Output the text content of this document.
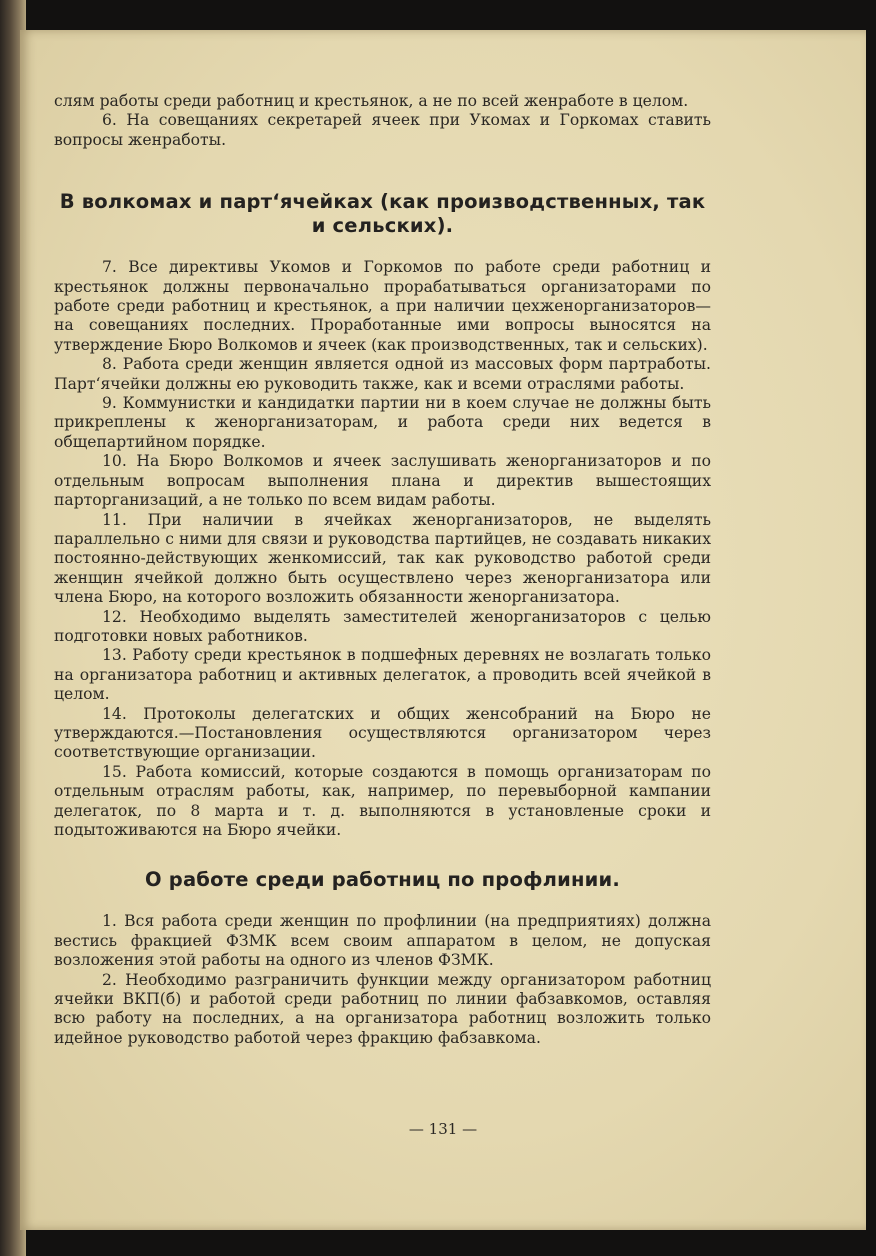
слям работы среди работниц и крестьянок, а не по всей женработе в целом.

6. На совещаниях секретарей ячеек при Укомах и Горкомах ставить вопросы женработы.

В волкомах и парт‘ячейках (как производственных, так и сельских).

7. Все директивы Укомов и Горкомов по работе среди работниц и крестьянок должны первоначально прорабатываться организаторами по работе среди работниц и крестьянок, а при наличии цехженорганизаторов—на совещаниях последних. Проработанные ими вопросы выносятся на утверждение Бюро Волкомов и ячеек (как производственных, так и сельских).

8. Работа среди женщин является одной из массовых форм партработы. Парт‘ячейки должны ею руководить также, как и всеми отраслями работы.

9. Коммунистки и кандидатки партии ни в коем случае не должны быть прикреплены к женорганизаторам, и работа среди них ведется в общепартийном порядке.

10. На Бюро Волкомов и ячеек заслушивать женорганизаторов и по отдельным вопросам выполнения плана и директив вышестоящих парторганизаций, а не только по всем видам работы.

11. При наличии в ячейках женорганизаторов, не выделять параллельно с ними для связи и руководства партийцев, не создавать никаких постоянно-действующих женкомиссий, так как руководство работой среди женщин ячейкой должно быть осуществлено через женорганизатора или члена Бюро, на которого возложить обязанности женорганизатора.

12. Необходимо выделять заместителей женорганизаторов с целью подготовки новых работников.

13. Работу среди крестьянок в подшефных деревнях не возлагать только на организатора работниц и активных делегаток, а проводить всей ячейкой в целом.

14. Протоколы делегатских и общих женсобраний на Бюро не утверждаются.—Постановления осуществляются организатором через соответствующие организации.

15. Работа комиссий, которые создаются в помощь организаторам по отдельным отраслям работы, как, например, по перевыборной кампании делегаток, по 8 марта и т. д. выполняются в установленые сроки и подытоживаются на Бюро ячейки.

О работе среди работниц по профлинии.

1. Вся работа среди женщин по профлинии (на предприятиях) должна вестись фракцией ФЗМК всем своим аппаратом в целом, не допуская возложения этой работы на одного из членов ФЗМК.

2. Необходимо разграничить функции между организатором работниц ячейки ВКП(б) и работой среди работниц по линии фабзавкомов, оставляя всю работу на последних, а на организатора работниц возложить только идейное руководство работой через фракцию фабзавкома.

— 131 —
